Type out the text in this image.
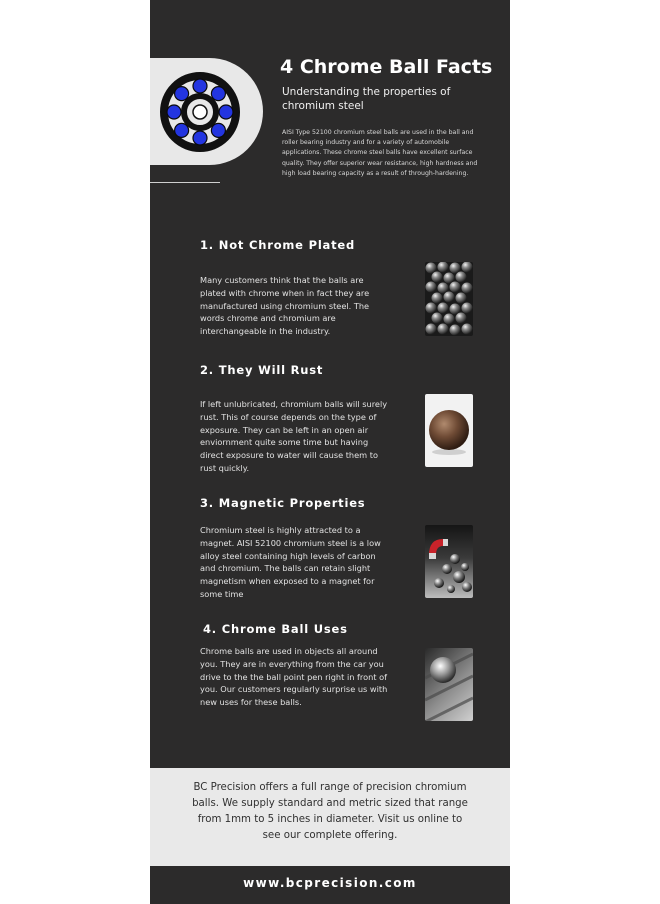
4 Chrome Ball Facts
Understanding the properties of chromium steel
AISI Type 52100 chromium steel balls are used in the ball and roller bearing industry and for a variety of automobile applications. These chrome steel balls have excellent surface quality. They offer superior wear resistance, high hardness and high load bearing capacity as a result of through-hardening.
1. Not Chrome Plated
Many customers think that the balls are plated with chrome when in fact they are manufactured using chromium steel. The words chrome and chromium are interchangeable in the industry.
2. They Will Rust
If left unlubricated, chromium balls will surely rust. This of course depends on the type of exposure. They can be left in an open air enviornment quite some time but having direct exposure to water will cause them to rust quickly.
3. Magnetic Properties
Chromium steel is highly attracted to a magnet. AISI 52100 chromium steel is a low alloy steel containing high levels of carbon and chromium. The balls can retain slight magnetism when exposed to a magnet for some time
4. Chrome Ball Uses
Chrome balls are used in objects all around you. They are in everything from the car you drive to the the ball point pen right in front of you. Our customers regularly surprise us with new uses for these balls.
BC Precision offers a full range of precision chromium balls. We supply standard and metric sized that range from 1mm to 5 inches in diameter. Visit us online to see our complete offering.
www.bcprecision.com
